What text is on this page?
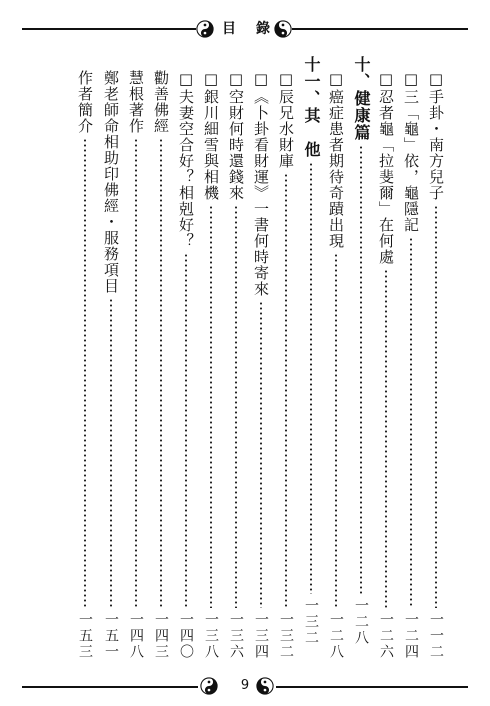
目 錄
□手卦・南方兒子
一一二
□三「龜」依，龜隱記
一二四
□忍者龜「拉斐爾」在何處
一二六
十、健康篇
一二八
□癌症患者期待奇蹟出現
一二八
十一、其　他
一三二
□辰兄水財庫
一三二
□《卜卦看財運》一書何時寄來
一三四
□空財何時還錢來
一三六
□銀川細雪與相機
一三八
□夫妻空合好？相剋好？
一四〇
勸善佛經
一四三
慧根著作
一四八
鄭老師命相助印佛經・服務項目
一五一
作者簡介
一五三
9
